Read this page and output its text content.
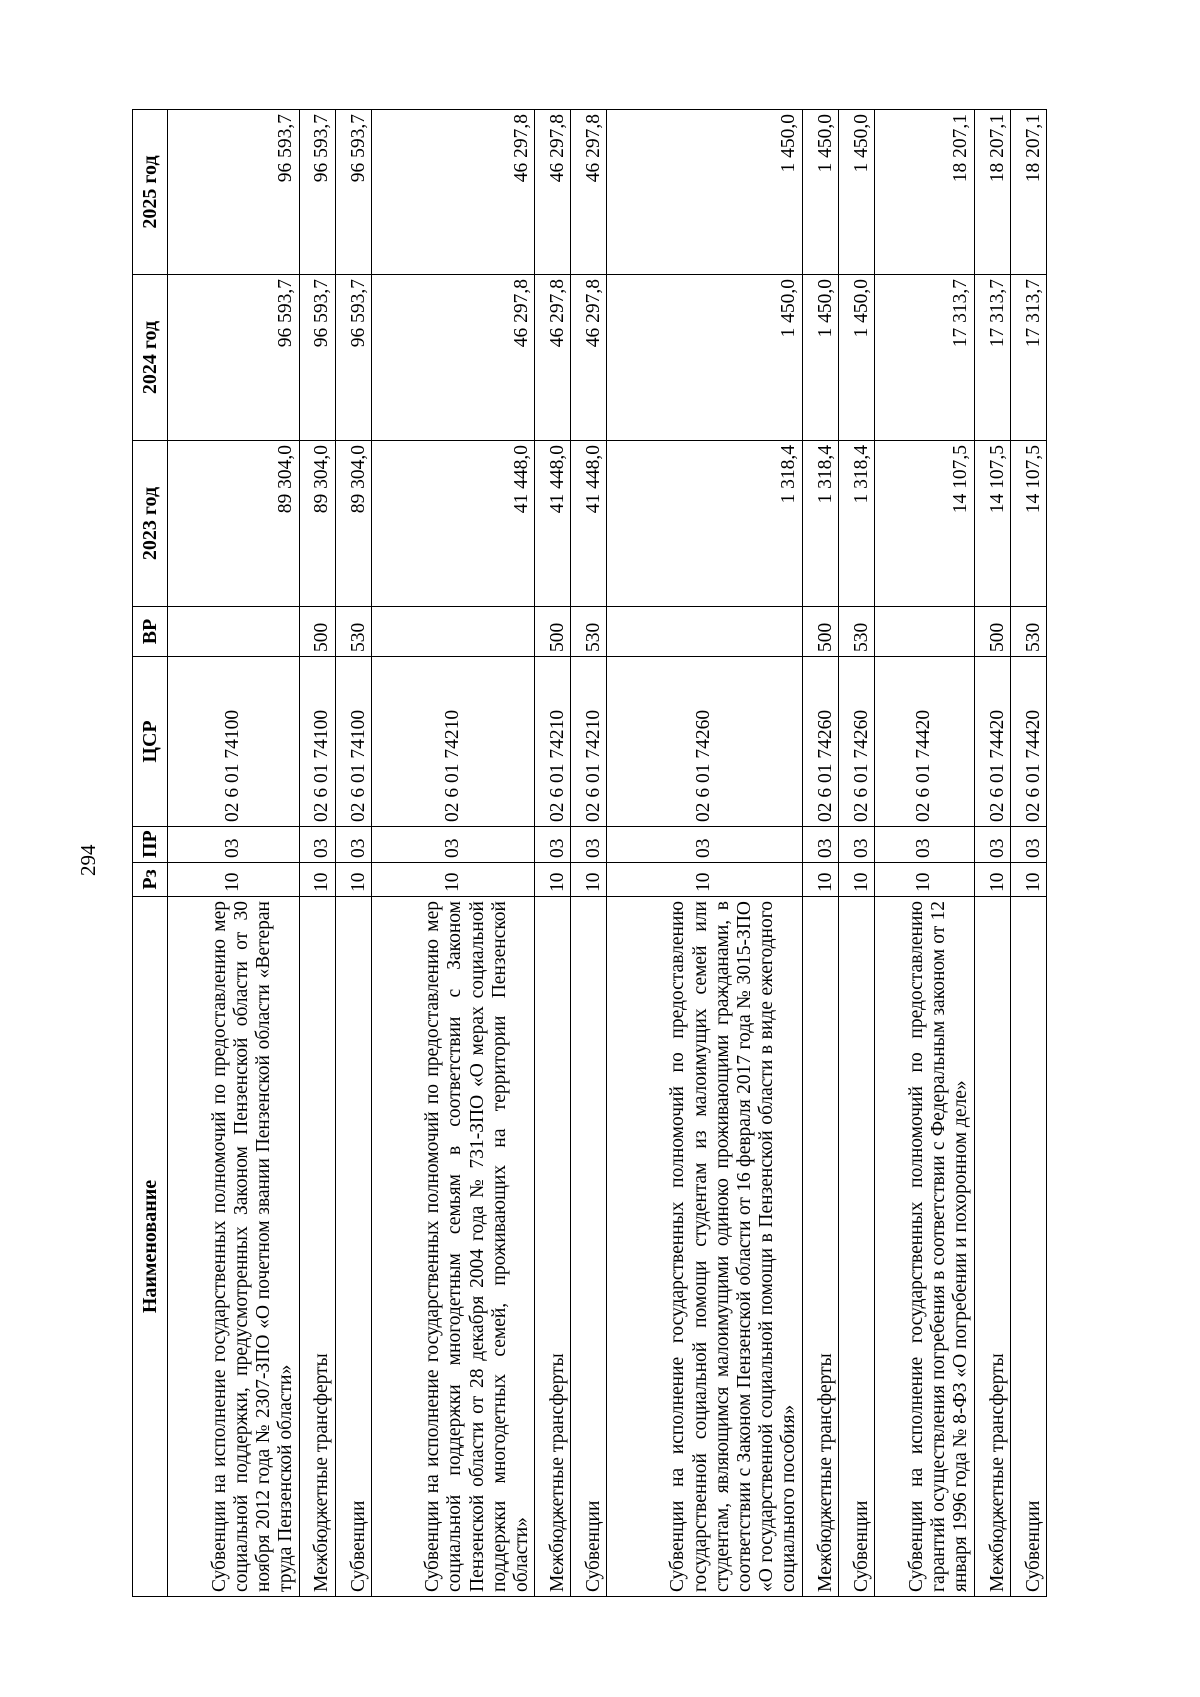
294
Наименование	Рз	ПР	ЦСР	ВР	2023 год	2024 год	2025 год
Субвенции на исполнение государственных полномочий по предоставлению мер социальной поддержки, предусмотренных Законом Пензенской области от 30 ноября 2012 года № 2307-ЗПО «О почетном звании Пензенской области «Ветеран труда Пензенской области»	10	03	02 6 01 74100		89 304,0	96 593,7	96 593,7
Межбюджетные трансферты	10	03	02 6 01 74100	500	89 304,0	96 593,7	96 593,7
Субвенции	10	03	02 6 01 74100	530	89 304,0	96 593,7	96 593,7
Субвенции на исполнение государственных полномочий по предоставлению мер социальной поддержки многодетным семьям в соответствии с Законом Пензенской области от 28 декабря 2004 года № 731-ЗПО «О мерах социальной поддержки многодетных семей, проживающих на территории Пензенской области»	10	03	02 6 01 74210		41 448,0	46 297,8	46 297,8
Межбюджетные трансферты	10	03	02 6 01 74210	500	41 448,0	46 297,8	46 297,8
Субвенции	10	03	02 6 01 74210	530	41 448,0	46 297,8	46 297,8
Субвенции на исполнение государственных полномочий по предоставлению государственной социальной помощи студентам из малоимущих семей или студентам, являющимся малоимущими одиноко проживающими гражданами, в соответствии с Законом Пензенской области от 16 февраля 2017 года № 3015-ЗПО «О государственной социальной помощи в Пензенской области в виде ежегодного социального пособия»	10	03	02 6 01 74260		1 318,4	1 450,0	1 450,0
Межбюджетные трансферты	10	03	02 6 01 74260	500	1 318,4	1 450,0	1 450,0
Субвенции	10	03	02 6 01 74260	530	1 318,4	1 450,0	1 450,0
Субвенции на исполнение государственных полномочий по предоставлению гарантий осуществления погребения в соответствии с Федеральным законом от 12 января 1996 года № 8-ФЗ «О погребении и похоронном деле»	10	03	02 6 01 74420		14 107,5	17 313,7	18 207,1
Межбюджетные трансферты	10	03	02 6 01 74420	500	14 107,5	17 313,7	18 207,1
Субвенции	10	03	02 6 01 74420	530	14 107,5	17 313,7	18 207,1
